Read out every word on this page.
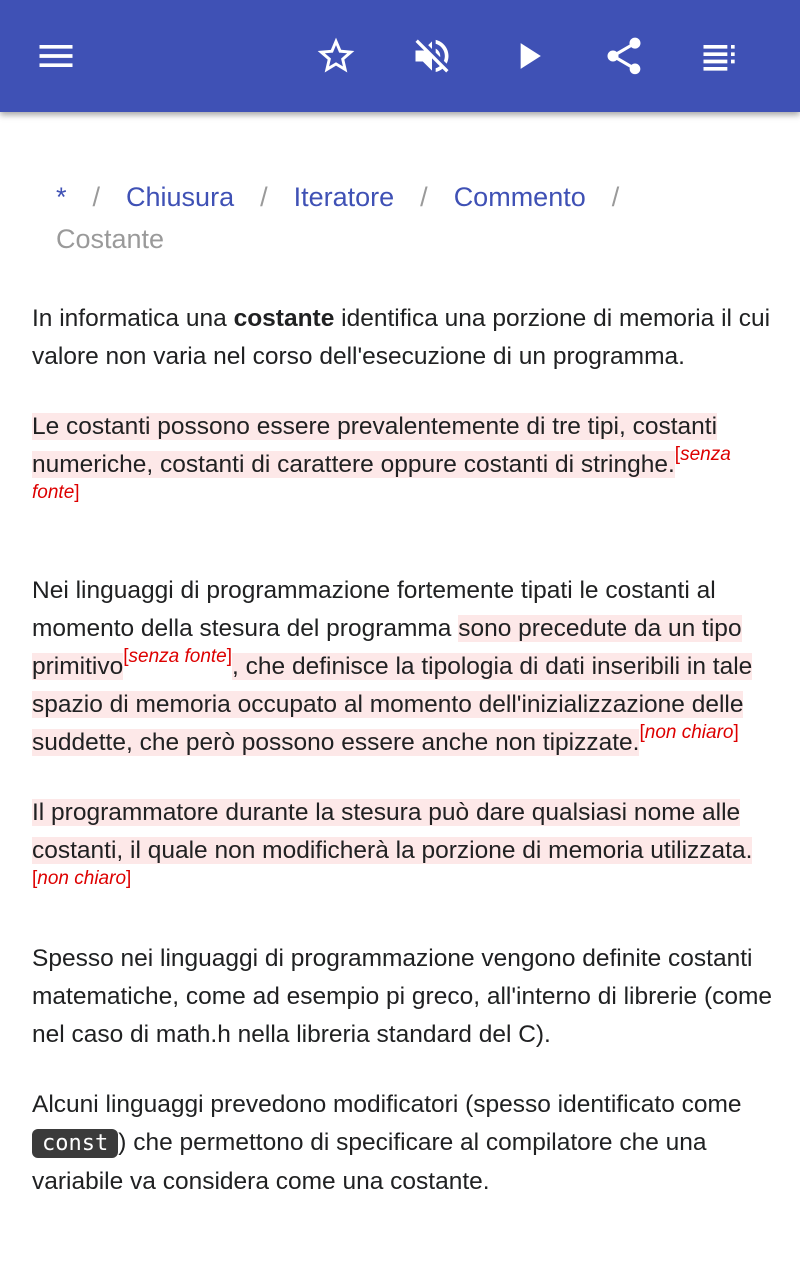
* / Chiusura / Iteratore / Commento /
Costante

In informatica una costante identifica una porzione di memoria il cui valore non varia nel corso dell'esecuzione di un programma.

Le costanti possono essere prevalentemente di tre tipi, costanti numeriche, costanti di carattere oppure costanti di stringhe.[senza fonte]

Nei linguaggi di programmazione fortemente tipati le costanti al momento della stesura del programma sono precedute da un tipo primitivo[senza fonte], che definisce la tipologia di dati inseribili in tale spazio di memoria occupato al momento dell'inizializzazione delle suddette, che però possono essere anche non tipizzate.[non chiaro]

Il programmatore durante la stesura può dare qualsiasi nome alle costanti, il quale non modificherà la porzione di memoria utilizzata.[non chiaro]

Spesso nei linguaggi di programmazione vengono definite costanti matematiche, come ad esempio pi greco, all'interno di librerie (come nel caso di math.h nella libreria standard del C).

Alcuni linguaggi prevedono modificatori (spesso identificato come const ) che permettono di specificare al compilatore che una variabile va considera come una costante.
